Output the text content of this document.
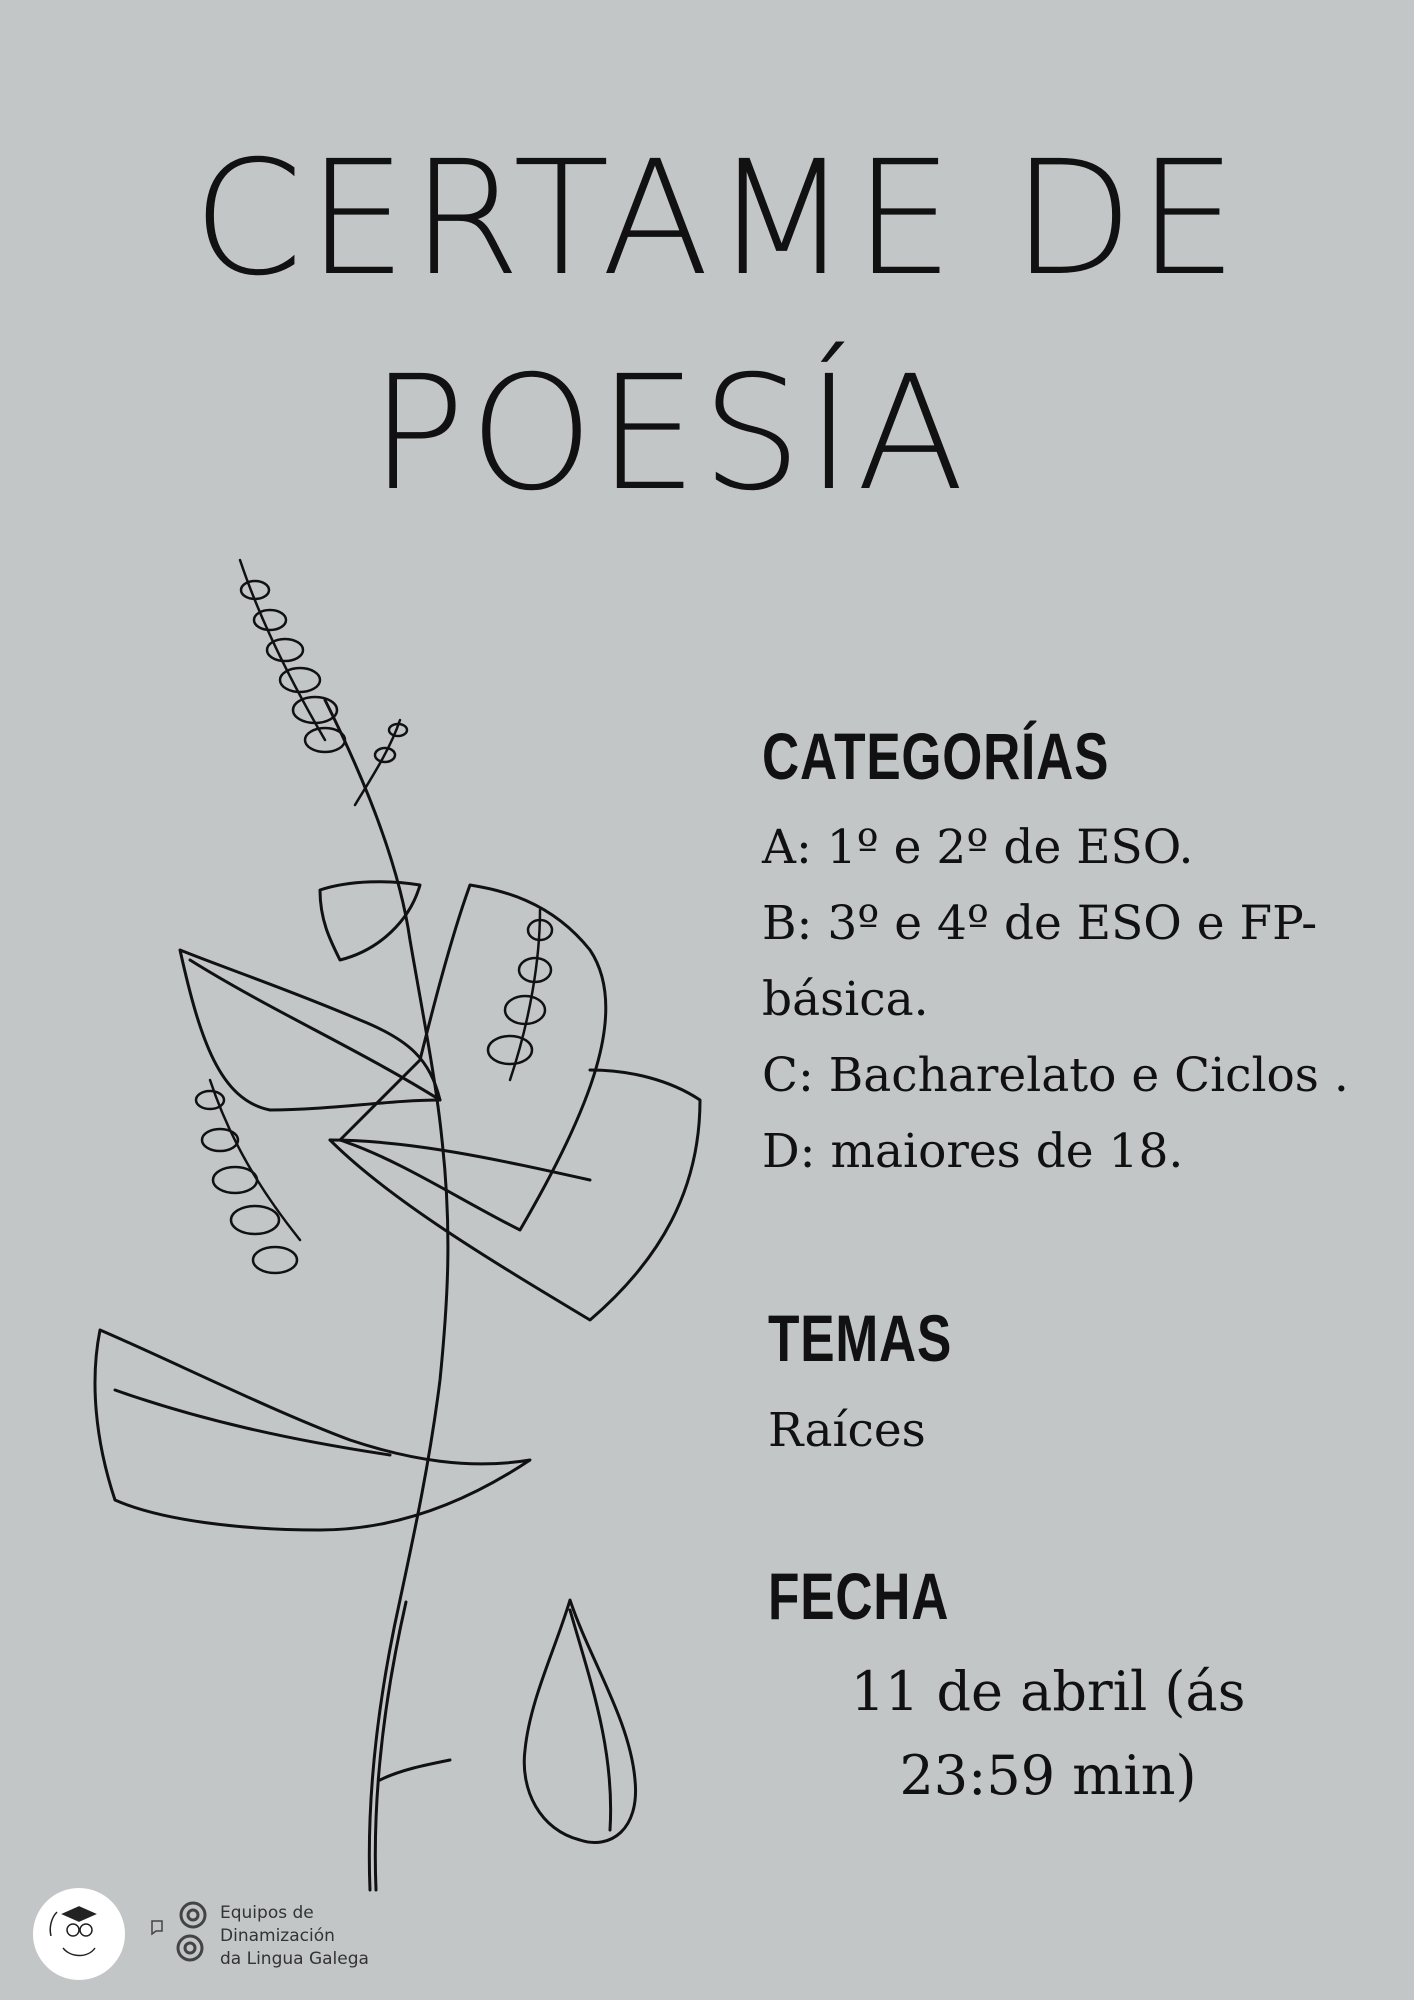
CERTAME DE
POESÍA
CATEGORÍAS
A: 1º e 2º de ESO.
B: 3º e 4º de ESO e FP-
básica.
C: Bacharelato e Ciclos .
D: maiores de 18.
TEMAS
Raíces
FECHA
11 de abril (ás 23:59 min)
Equipos de
Dinamización
da Lingua Galega
